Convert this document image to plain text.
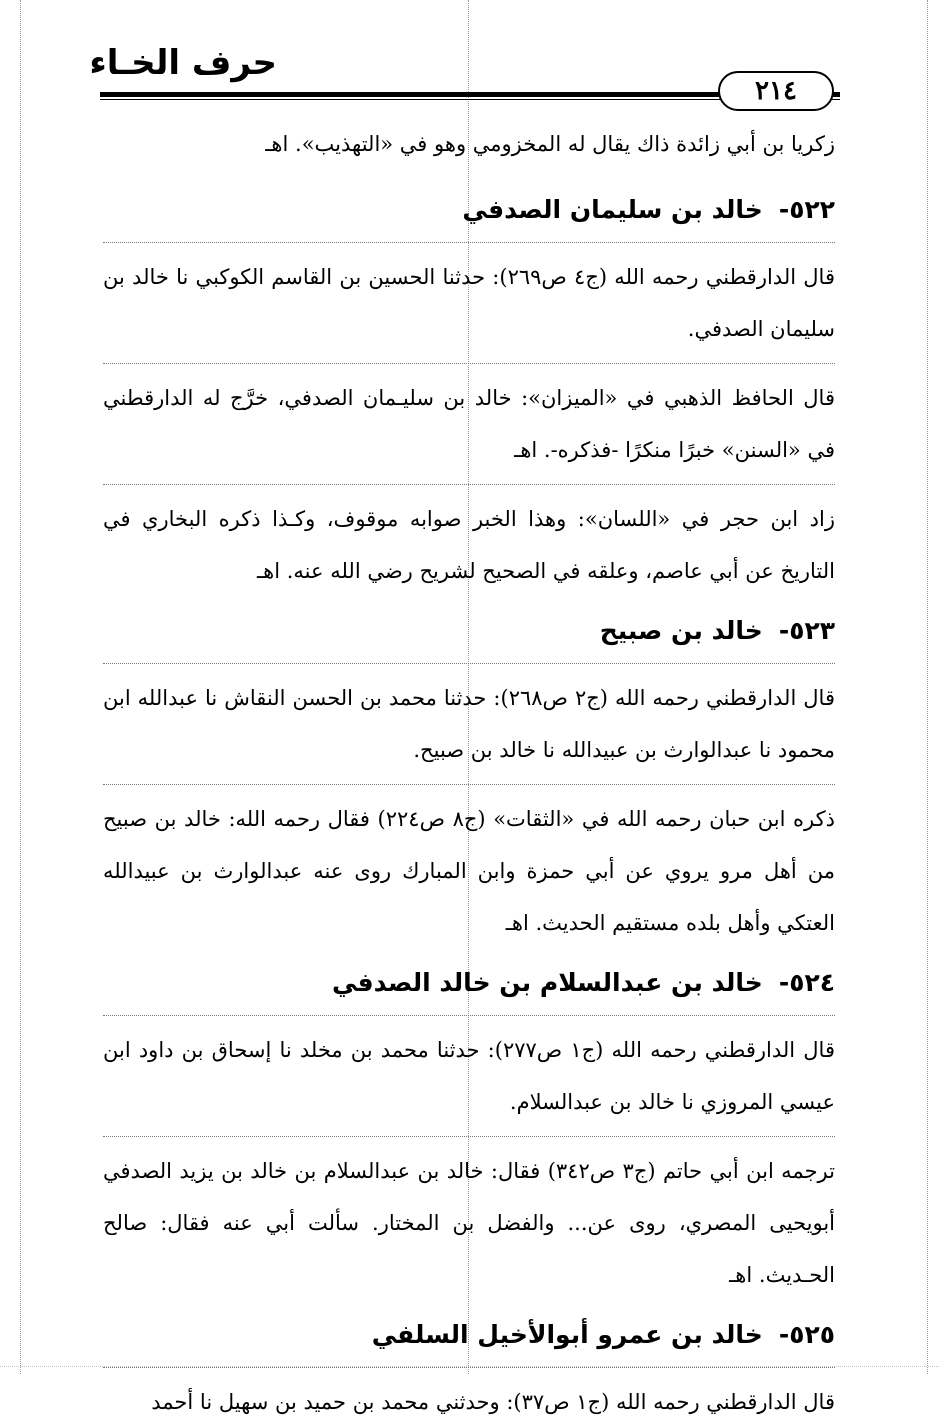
حرف الخـاء
٢١٤

زكريا بن أبي زائدة ذاك يقال له المخزومي وهو في «التهذيب». اهـ

٥٢٢-خالد بن سليمان الصدفي

قال الدارقطني رحمه الله (ج٤ ص٢٦٩): حدثنا الحسين بن القاسم الكوكبي نا خالد بن سليمان الصدفي.

قال الحافظ الذهبي في «الميزان»: خالد بن سليـمان الصدفي، خرَّج له الدارقطني في «السنن» خبرًا منكرًا -فذكره-. اهـ

زاد ابن حجر في «اللسان»: وهذا الخبر صوابه موقوف، وكـذا ذكره البخاري في التاريخ عن أبي عاصم، وعلقه في الصحيح لشريح رضي الله عنه. اهـ

٥٢٣-خالد بن صبيح

قال الدارقطني رحمه الله (ج٢ ص٢٦٨): حدثنا محمد بن الحسن النقاش نا عبدالله ابن محمود نا عبدالوارث بن عبيدالله نا خالد بن صبيح.

ذكره ابن حبان رحمه الله في «الثقات» (ج٨ ص٢٢٤) فقال رحمه الله: خالد بن صبيح من أهل مرو يروي عن أبي حمزة وابن المبارك روى عنه عبدالوارث بن عبيدالله العتكي وأهل بلده مستقيم الحديث. اهـ

٥٢٤-خالد بن عبدالسلام بن خالد الصدفي

قال الدارقطني رحمه الله (ج١ ص٢٧٧): حدثنا محمد بن مخلد نا إسحاق بن داود ابن عيسي المروزي نا خالد بن عبدالسلام.

ترجمه ابن أبي حاتم (ج٣ ص٣٤٢) فقال: خالد بن عبدالسلام بن خالد بن يزيد الصدفي أبويحيى المصري، روى عن... والفضل بن المختار. سألت أبي عنه فقال: صالح الحـديث. اهـ

٥٢٥-خالد بن عمرو أبوالأخيل السلفي

قال الدارقطني رحمه الله (ج١ ص٣٧): وحدثني محمد بن حميد بن سهيل نا أحمد
